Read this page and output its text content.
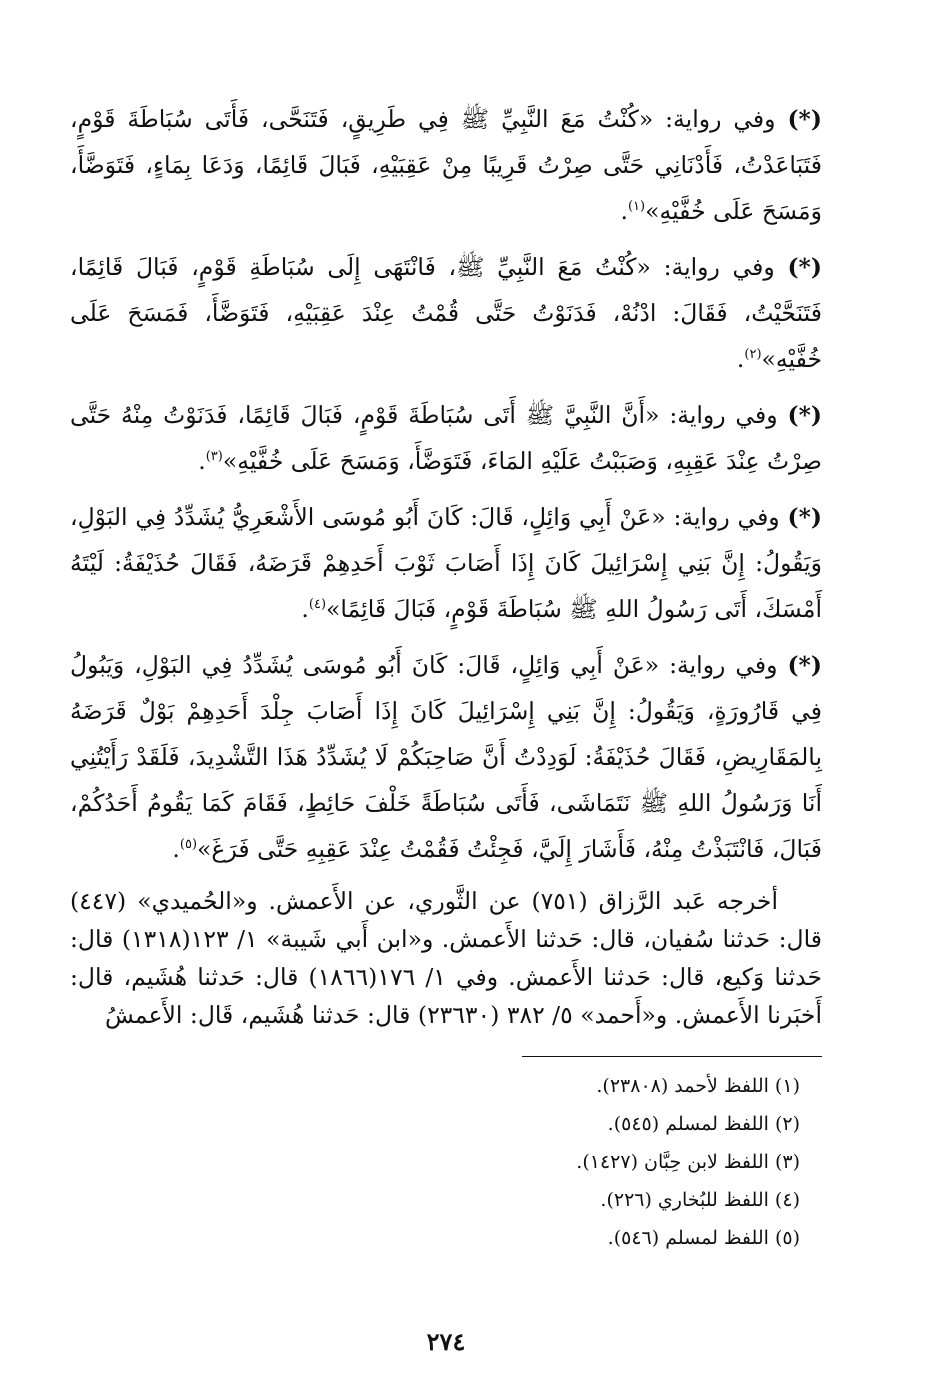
(*) وفي رواية: «كُنْتُ مَعَ النَّبِيِّ ﷺ فِي طَرِيقٍ، فَتَنَحَّى، فَأَتَى سُبَاطَةَ قَوْمٍ، فَتَبَاعَدْتُ، فَأَدْنَانِي حَتَّى صِرْتُ قَرِيبًا مِنْ عَقِبَيْهِ، فَبَالَ قَائِمًا، وَدَعَا بِمَاءٍ، فَتَوَضَّأَ، وَمَسَحَ عَلَى خُفَّيْهِ»$^{(١)}$.

(*) وفي رواية: «كُنْتُ مَعَ النَّبِيِّ ﷺ، فَانْتَهَى إِلَى سُبَاطَةِ قَوْمٍ، فَبَالَ قَائِمًا، فَتَنَحَّيْتُ، فَقَالَ: ادْنُهْ، فَدَنَوْتُ حَتَّى قُمْتُ عِنْدَ عَقِبَيْهِ، فَتَوَضَّأَ، فَمَسَحَ عَلَى خُفَّيْهِ»$^{(٢)}$.

(*) وفي رواية: «أَنَّ النَّبِيَّ ﷺ أَتَى سُبَاطَةَ قَوْمٍ، فَبَالَ قَائِمًا، فَدَنَوْتُ مِنْهُ حَتَّى صِرْتُ عِنْدَ عَقِبِهِ، وَصَبَبْتُ عَلَيْهِ المَاءَ، فَتَوَضَّأَ، وَمَسَحَ عَلَى خُفَّيْهِ»$^{(٣)}$.

(*) وفي رواية: «عَنْ أَبِي وَائِلٍ، قَالَ: كَانَ أَبُو مُوسَى الأَشْعَرِيُّ يُشَدِّدُ فِي البَوْلِ، وَيَقُولُ: إِنَّ بَنِي إِسْرَائِيلَ كَانَ إِذَا أَصَابَ ثَوْبَ أَحَدِهِمْ قَرَضَهُ، فَقَالَ حُذَيْفَةُ: لَيْتَهُ أَمْسَكَ، أَتَى رَسُولُ اللهِ ﷺ سُبَاطَةَ قَوْمٍ، فَبَالَ قَائِمًا»$^{(٤)}$.

(*) وفي رواية: «عَنْ أَبِي وَائِلٍ، قَالَ: كَانَ أَبُو مُوسَى يُشَدِّدُ فِي البَوْلِ، وَيَبُولُ فِي قَارُورَةٍ، وَيَقُولُ: إِنَّ بَنِي إِسْرَائِيلَ كَانَ إِذَا أَصَابَ جِلْدَ أَحَدِهِمْ بَوْلٌ قَرَضَهُ بِالمَقَارِيضِ، فَقَالَ حُذَيْفَةُ: لَوَدِدْتُ أَنَّ صَاحِبَكُمْ لَا يُشَدِّدُ هَذَا التَّشْدِيدَ، فَلَقَدْ رَأَيْتُنِي أَنَا وَرَسُولُ اللهِ ﷺ نَتَمَاشَى، فَأَتَى سُبَاطَةً خَلْفَ حَائِطٍ، فَقَامَ كَمَا يَقُومُ أَحَدُكُمْ، فَبَالَ، فَانْتَبَذْتُ مِنْهُ، فَأَشَارَ إِلَيَّ، فَجِئْتُ فَقُمْتُ عِنْدَ عَقِبِهِ حَتَّى فَرَغَ»$^{(٥)}$.

أخرجه عَبد الرَّزاق (٧٥١) عن الثَّوري، عن الأَعمش. و«الحُميدي» (٤٤٧) قال: حَدثنا سُفيان، قال: حَدثنا الأَعمش. و«ابن أَبي شَيبة» ١/ ١٢٣(١٣١٨) قال: حَدثنا وَكيع، قال: حَدثنا الأَعمش. وفي ١/ ١٧٦(١٨٦٦) قال: حَدثنا هُشَيم، قال: أَخبَرنا الأَعمش. و«أَحمد» ٥/ ٣٨٢ (٢٣٦٣٠) قال: حَدثنا هُشَيم، قَال: الأَعمشُ

(١) اللفظ لأحمد (٢٣٨٠٨).
(٢) اللفظ لمسلم (٥٤٥).
(٣) اللفظ لابن حِبَّان (١٤٢٧).
(٤) اللفظ للبُخاري (٢٢٦).
(٥) اللفظ لمسلم (٥٤٦).
٢٧٤
